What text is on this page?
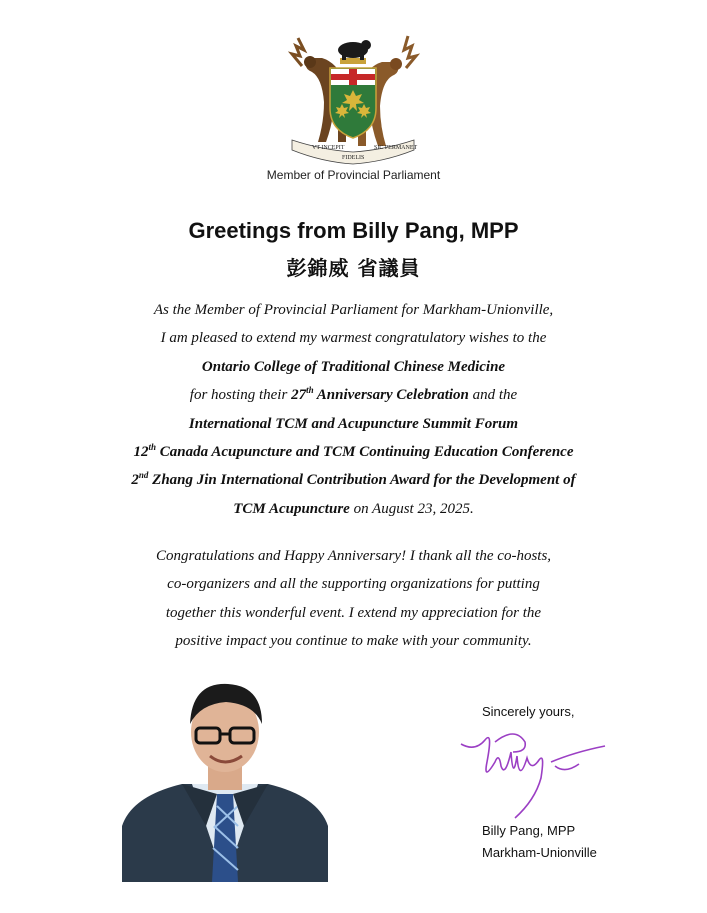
VT INCEPIT
FIDELIS
SIC PERMANET
Member of Provincial Parliament
Greetings from Billy Pang, MPP
彭錦威 省議員
As the Member of Provincial Parliament for Markham-Unionville,
I am pleased to extend my warmest congratulatory wishes to the
Ontario College of Traditional Chinese Medicine
for hosting their 27th Anniversary Celebration and the
International TCM and Acupuncture Summit Forum
12th Canada Acupuncture and TCM Continuing Education Conference
2nd Zhang Jin International Contribution Award for the Development of
TCM Acupuncture on August 23, 2025.
Congratulations and Happy Anniversary! I thank all the co-hosts,
co-organizers and all the supporting organizations for putting
together this wonderful event. I extend my appreciation for the
positive impact you continue to make with your community.
Sincerely yours,
Billy Pang, MPP
Markham-Unionville
